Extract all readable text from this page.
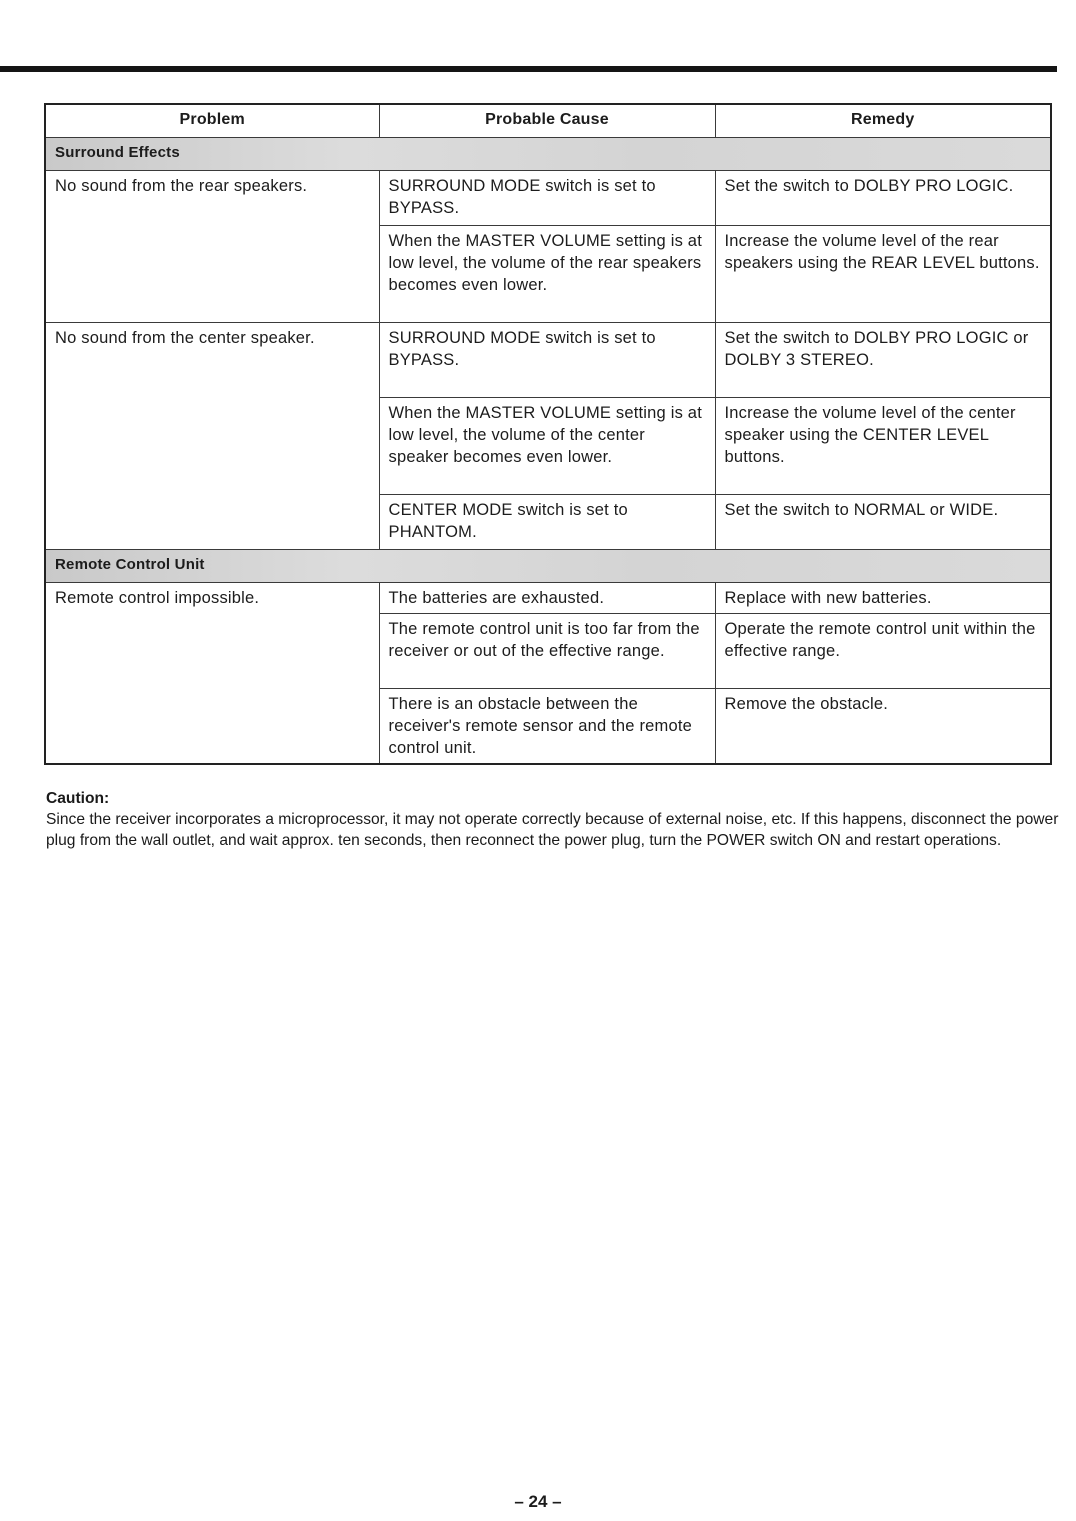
Problem	Probable Cause	Remedy
Surround Effects		
No sound from the rear speakers.	SURROUND MODE switch is set to BYPASS.	Set the switch to DOLBY PRO LOGIC.
	When the MASTER VOLUME setting is at low level, the volume of the rear speakers becomes even lower.	Increase the volume level of the rear speakers using the REAR LEVEL buttons.
No sound from the center speaker.	SURROUND MODE switch is set to BYPASS.	Set the switch to DOLBY PRO LOGIC or DOLBY 3 STEREO.
	When the MASTER VOLUME setting is at low level, the volume of the center speaker becomes even lower.	Increase the volume level of the center speaker using the CENTER LEVEL buttons.
	CENTER MODE switch is set to PHANTOM.	Set the switch to NORMAL or WIDE.
Remote Control Unit		
Remote control impossible.	The batteries are exhausted.	Replace with new batteries.
	The remote control unit is too far from the receiver or out of the effective range.	Operate the remote control unit within the effective range.
	There is an obstacle between the receiver's remote sensor and the remote control unit.	Remove the obstacle.
Caution:
Since the receiver incorporates a microprocessor, it may not operate correctly because of external noise, etc. If this happens, disconnect the power plug from the wall outlet, and wait approx. ten seconds, then reconnect the power plug, turn the POWER switch ON and restart operations.
– 24 –
